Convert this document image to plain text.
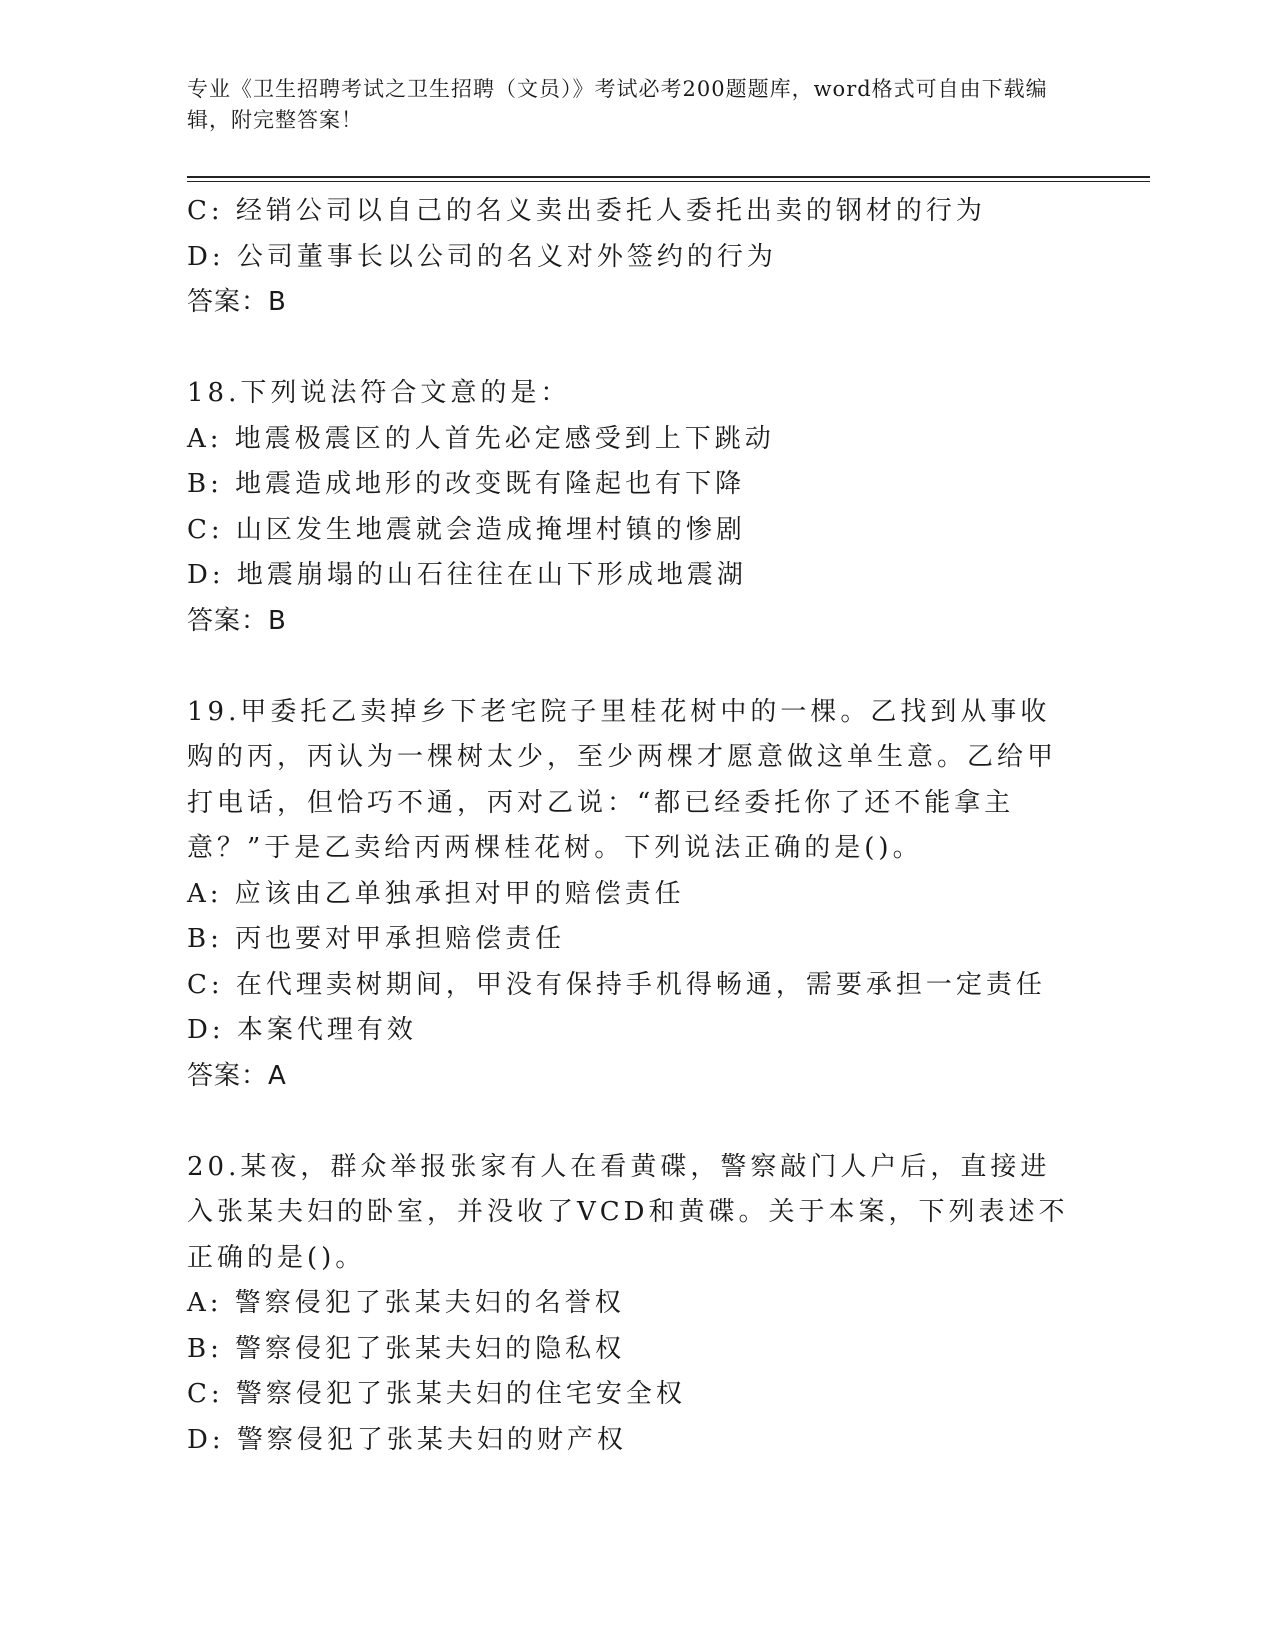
专业《卫生招聘考试之卫生招聘（文员）》考试必考200题题库，word格式可自由下载编辑，附完整答案！
C: 经销公司以自己的名义卖出委托人委托出卖的钢材的行为
D: 公司董事长以公司的名义对外签约的行为
答案：B
18.下列说法符合文意的是：
A: 地震极震区的人首先必定感受到上下跳动
B: 地震造成地形的改变既有隆起也有下降
C: 山区发生地震就会造成掩埋村镇的惨剧
D: 地震崩塌的山石往往在山下形成地震湖
答案：B
19.甲委托乙卖掉乡下老宅院子里桂花树中的一棵。乙找到从事收购的丙，丙认为一棵树太少，至少两棵才愿意做这单生意。乙给甲打电话，但恰巧不通，丙对乙说：“都已经委托你了还不能拿主意？”于是乙卖给丙两棵桂花树。下列说法正确的是()。
A: 应该由乙单独承担对甲的赔偿责任
B: 丙也要对甲承担赔偿责任
C: 在代理卖树期间，甲没有保持手机得畅通，需要承担一定责任
D: 本案代理有效
答案：A
20.某夜，群众举报张家有人在看黄碟，警察敲门人户后，直接进入张某夫妇的卧室，并没收了VCD和黄碟。关于本案，下列表述不正确的是()。
A: 警察侵犯了张某夫妇的名誉权
B: 警察侵犯了张某夫妇的隐私权
C: 警察侵犯了张某夫妇的住宅安全权
D: 警察侵犯了张某夫妇的财产权
